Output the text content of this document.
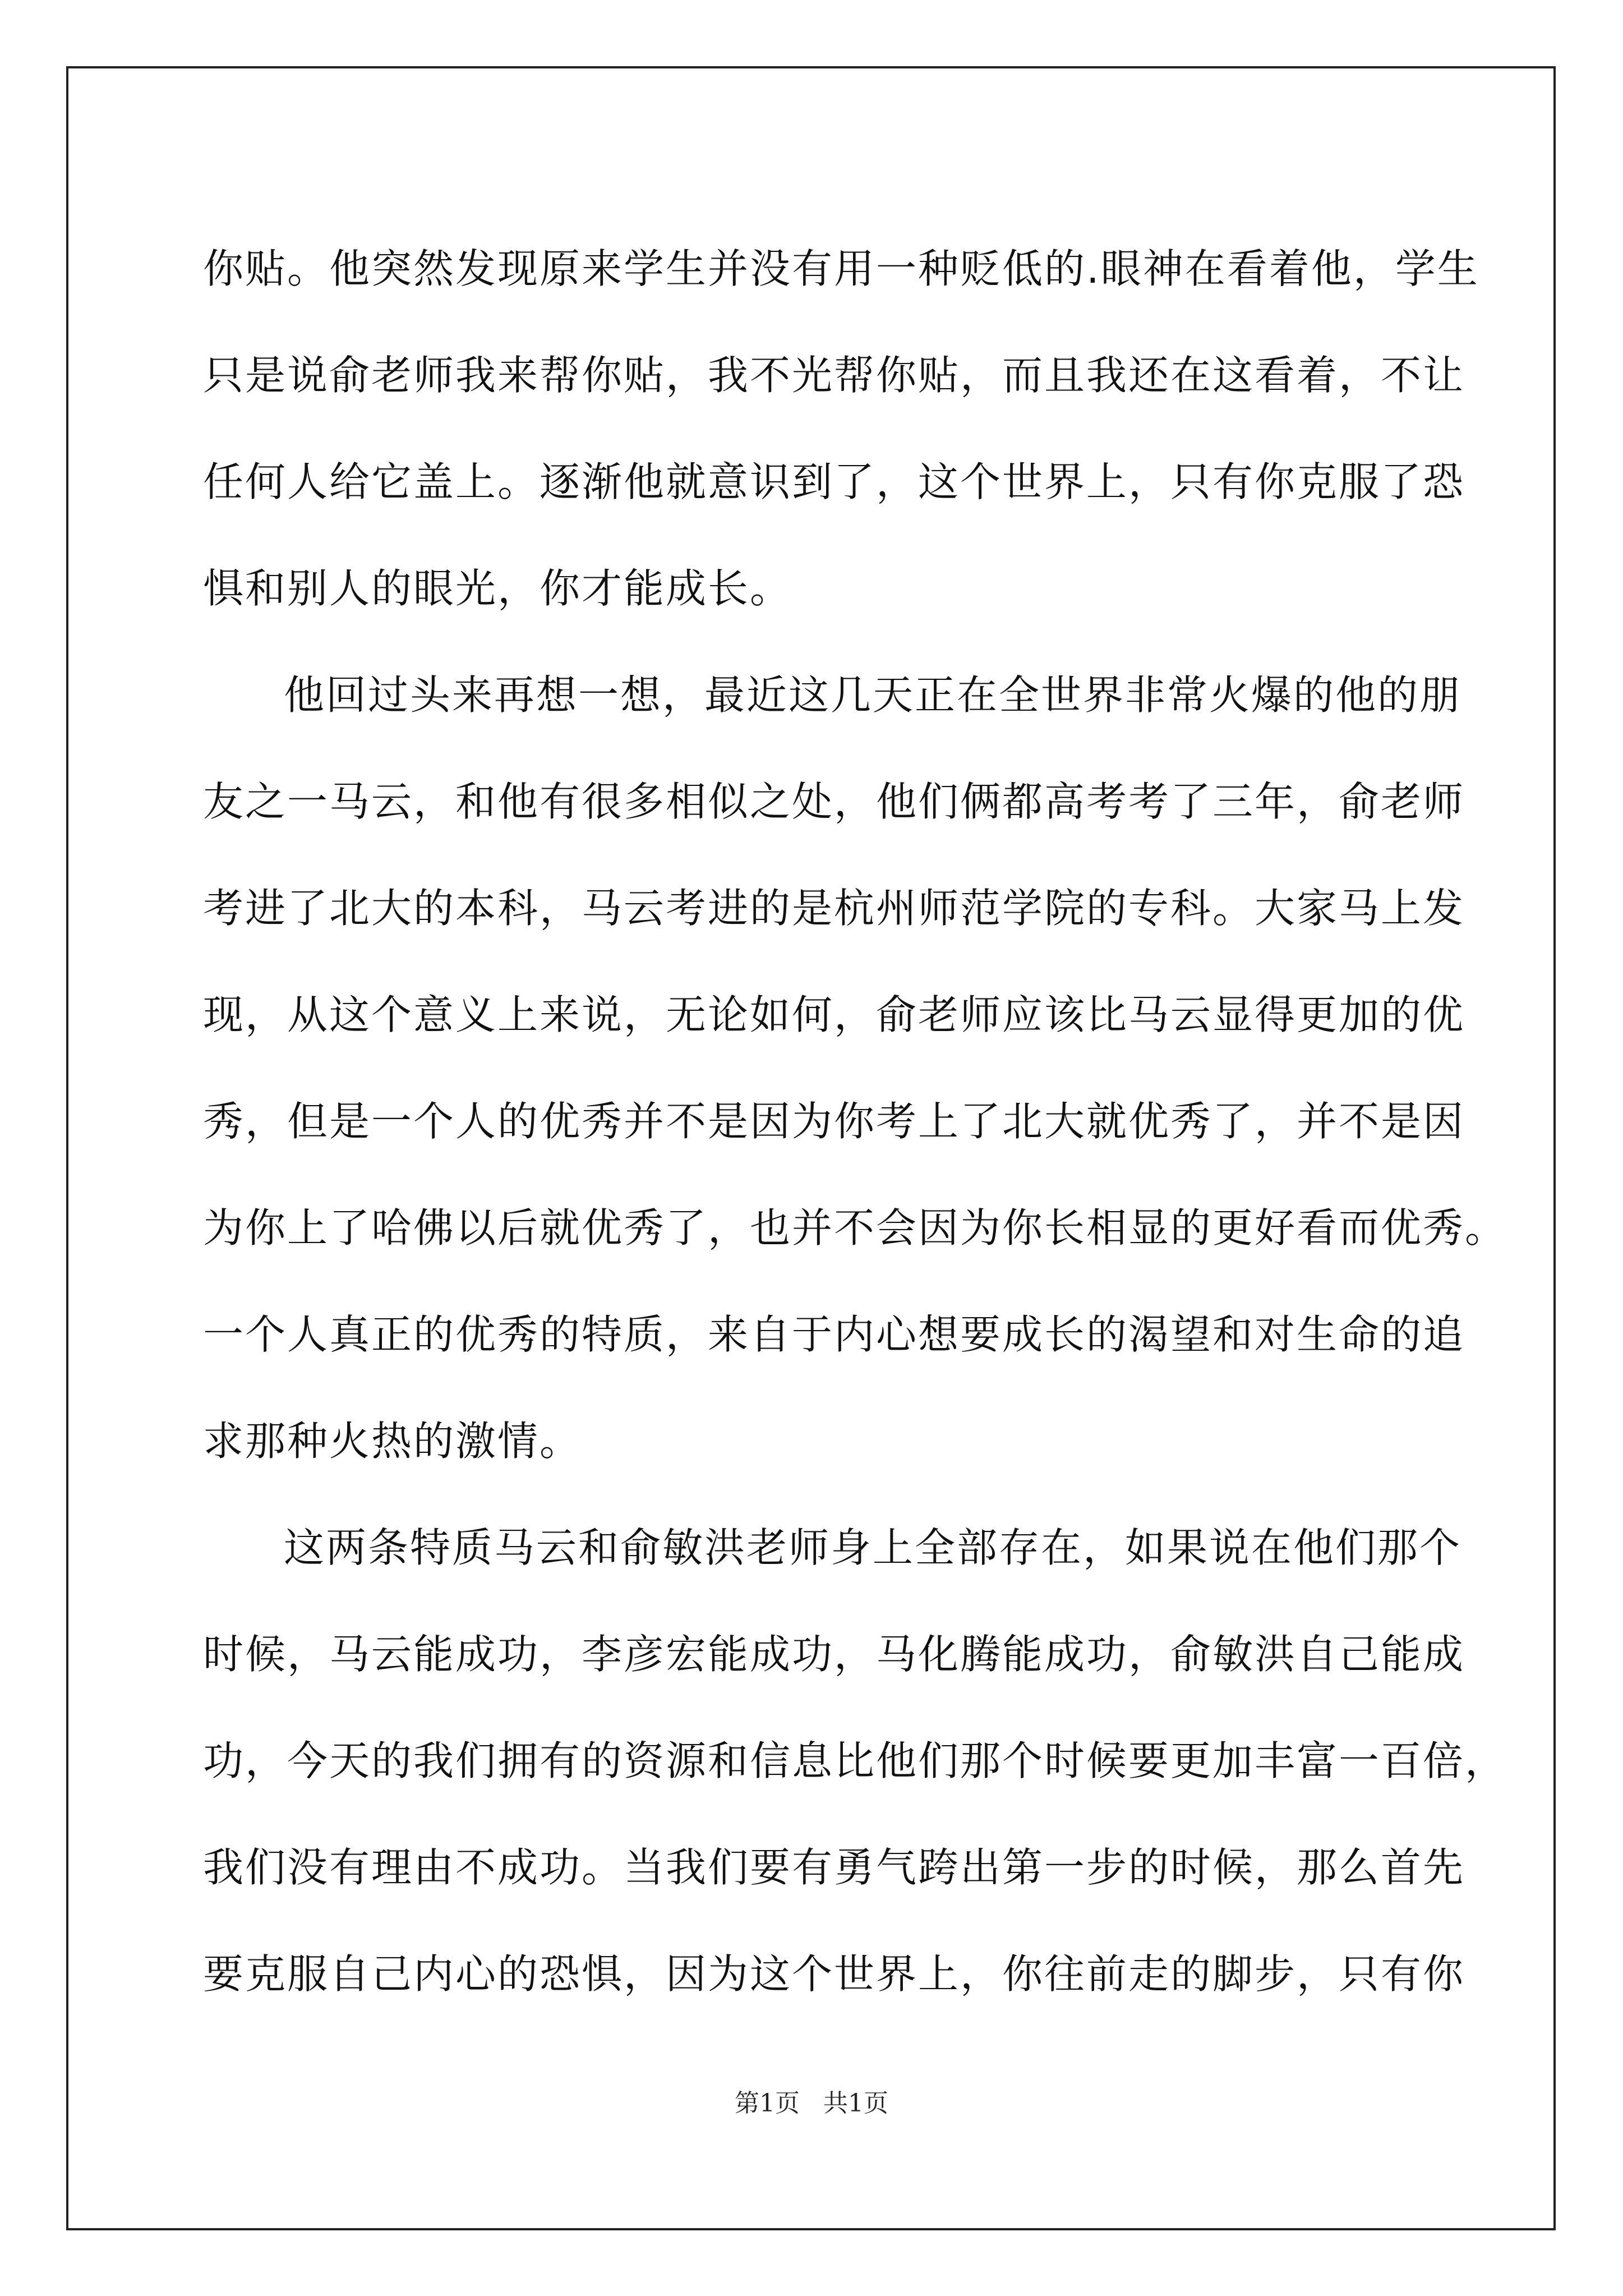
你贴。他突然发现原来学生并没有用一种贬低的.眼神在看着他，学生
只是说俞老师我来帮你贴，我不光帮你贴，而且我还在这看着，不让
任何人给它盖上。逐渐他就意识到了，这个世界上，只有你克服了恐
惧和别人的眼光，你才能成长。
他回过头来再想一想，最近这几天正在全世界非常火爆的他的朋
友之一马云，和他有很多相似之处，他们俩都高考考了三年，俞老师
考进了北大的本科，马云考进的是杭州师范学院的专科。大家马上发
现，从这个意义上来说，无论如何，俞老师应该比马云显得更加的优
秀，但是一个人的优秀并不是因为你考上了北大就优秀了，并不是因
为你上了哈佛以后就优秀了，也并不会因为你长相显的更好看而优秀。
一个人真正的优秀的特质，来自于内心想要成长的渴望和对生命的追
求那种火热的激情。
这两条特质马云和俞敏洪老师身上全部存在，如果说在他们那个
时候，马云能成功，李彦宏能成功，马化腾能成功，俞敏洪自己能成
功，今天的我们拥有的资源和信息比他们那个时候要更加丰富一百倍，
我们没有理由不成功。当我们要有勇气跨出第一步的时候，那么首先
要克服自己内心的恐惧，因为这个世界上，你往前走的脚步，只有你
第1页   共1页
